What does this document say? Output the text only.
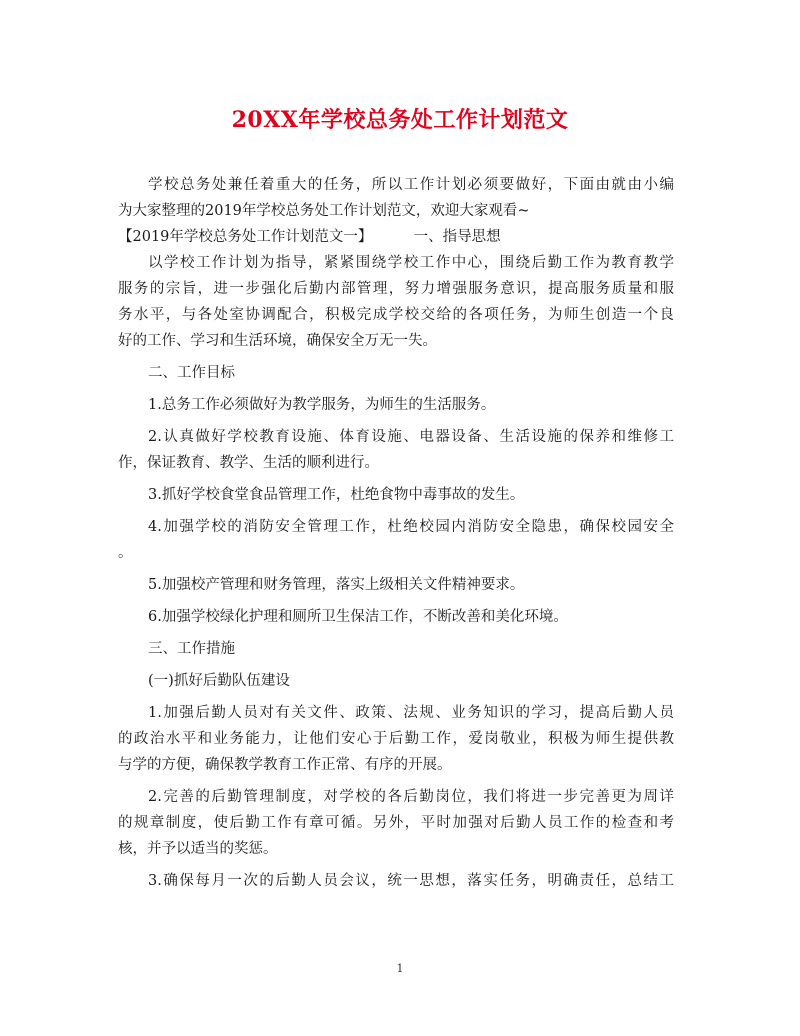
20XX年学校总务处工作计划范文
学校总务处兼任着重大的任务，所以工作计划必须要做好，下面由就由小编
为大家整理的2019年学校总务处工作计划范文，欢迎大家观看~
【2019年学校总务处工作计划范文一】	一、指导思想
以学校工作计划为指导，紧紧围绕学校工作中心，围绕后勤工作为教育教学
服务的宗旨，进一步强化后勤内部管理，努力增强服务意识，提高服务质量和服
务水平，与各处室协调配合，积极完成学校交给的各项任务，为师生创造一个良
好的工作、学习和生活环境，确保安全万无一失。
二、工作目标
1.总务工作必须做好为教学服务，为师生的生活服务。
2.认真做好学校教育设施、体育设施、电器设备、生活设施的保养和维修工
作，保证教育、教学、生活的顺利进行。
3.抓好学校食堂食品管理工作，杜绝食物中毒事故的发生。
4.加强学校的消防安全管理工作，杜绝校园内消防安全隐患，确保校园安全
。
5.加强校产管理和财务管理，落实上级相关文件精神要求。
6.加强学校绿化护理和厕所卫生保洁工作，不断改善和美化环境。
三、工作措施
(一)抓好后勤队伍建设
1.加强后勤人员对有关文件、政策、法规、业务知识的学习，提高后勤人员
的政治水平和业务能力，让他们安心于后勤工作，爱岗敬业，积极为师生提供教
与学的方便，确保教学教育工作正常、有序的开展。
2.完善的后勤管理制度，对学校的各后勤岗位，我们将进一步完善更为周详
的规章制度，使后勤工作有章可循。另外，平时加强对后勤人员工作的检查和考
核，并予以适当的奖惩。
3.确保每月一次的后勤人员会议，统一思想，落实任务，明确责任，总结工
1
